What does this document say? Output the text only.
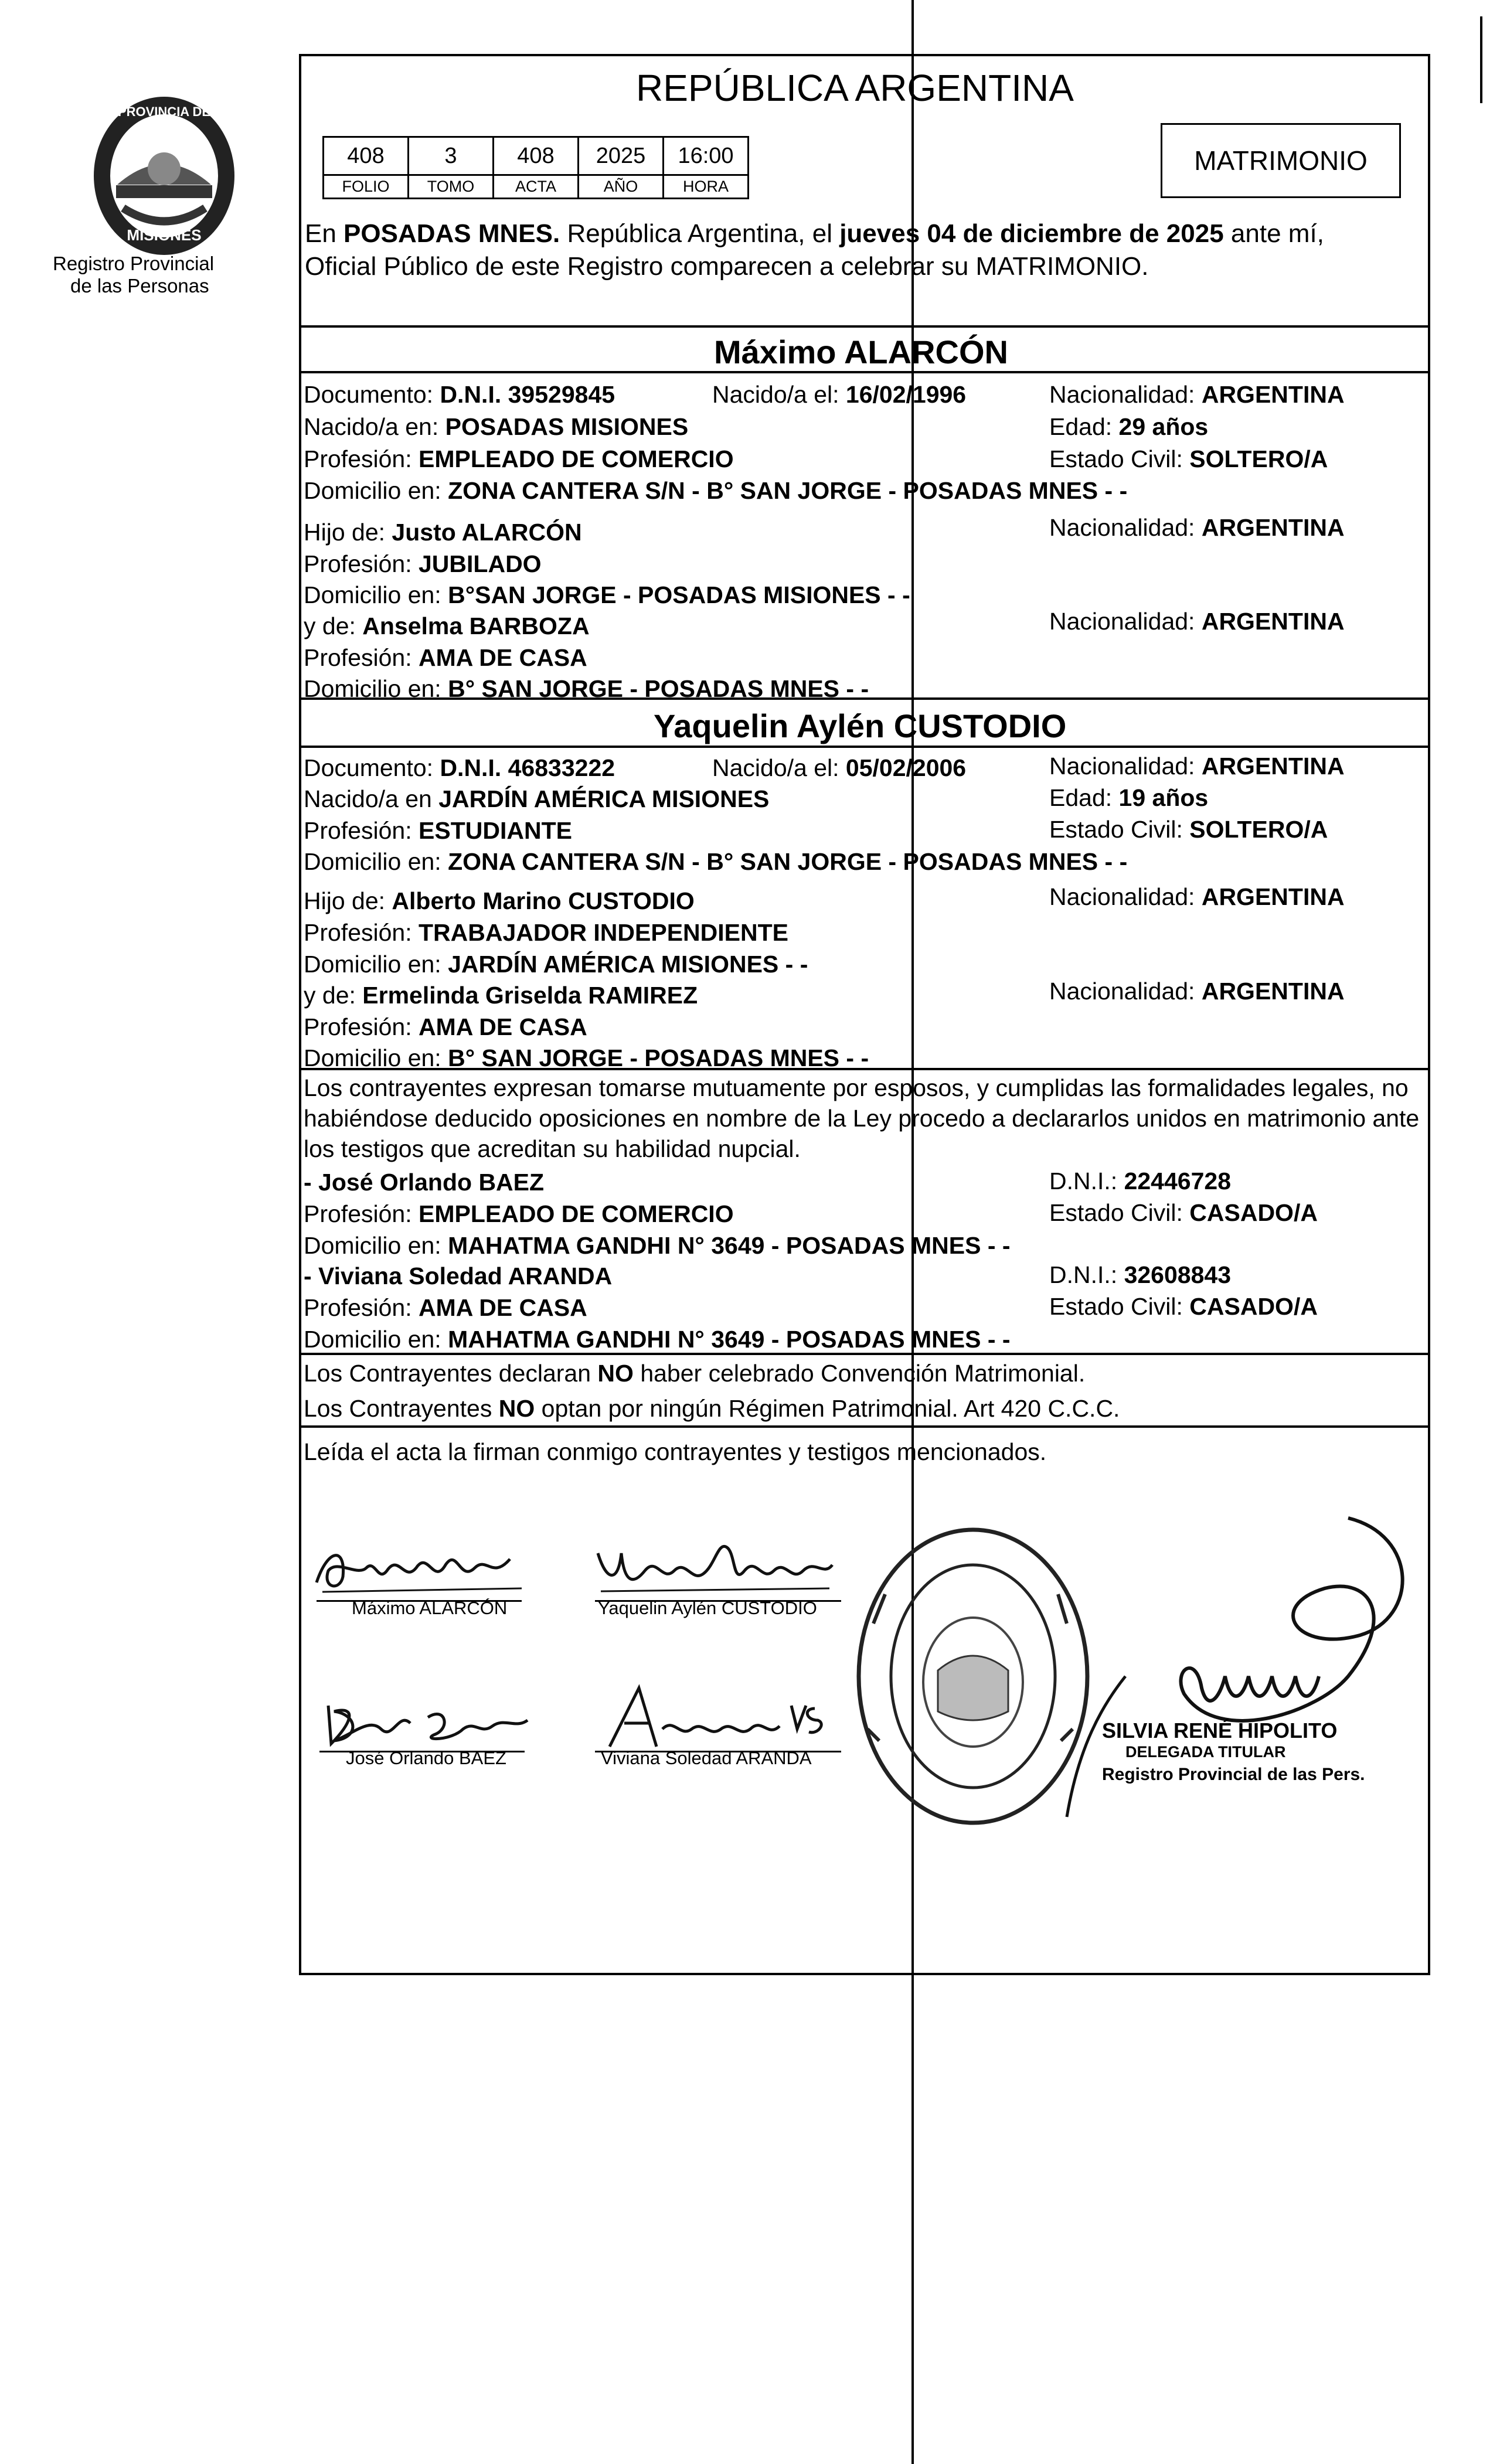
PROVINCIA DE
MISIONES
Registro Provincial
de las Personas
REPÚBLICA ARGENTINA
408	3	408	2025	16:00
FOLIO	TOMO	ACTA	AÑO	HORA
MATRIMONIO
En POSADAS MNES. República Argentina, el jueves 04 de diciembre de 2025 ante mí,
Oficial Público de este Registro comparecen a celebrar su MATRIMONIO.
Máximo ALARCÓN
Documento: D.N.I. 39529845	Nacido/a el: 16/02/1996	Nacionalidad: ARGENTINA
Nacido/a en: POSADAS MISIONES	Edad: 29 años
Profesión: EMPLEADO DE COMERCIO	Estado Civil: SOLTERO/A
Domicilio en: ZONA CANTERA S/N - B° SAN JORGE - POSADAS MNES - -
Hijo de: Justo ALARCÓN	Nacionalidad: ARGENTINA
Profesión: JUBILADO
Domicilio en: B°SAN JORGE - POSADAS MISIONES - -
y de: Anselma BARBOZA	Nacionalidad: ARGENTINA
Profesión: AMA DE CASA
Domicilio en: B° SAN JORGE - POSADAS MNES - -
Yaquelin Aylén CUSTODIO
Documento: D.N.I. 46833222	Nacido/a el: 05/02/2006	Nacionalidad: ARGENTINA
Nacido/a en JARDÍN AMÉRICA MISIONES	Edad: 19 años
Profesión: ESTUDIANTE	Estado Civil: SOLTERO/A
Domicilio en: ZONA CANTERA S/N - B° SAN JORGE - POSADAS MNES - -
Hijo de: Alberto Marino CUSTODIO	Nacionalidad: ARGENTINA
Profesión: TRABAJADOR INDEPENDIENTE
Domicilio en: JARDÍN AMÉRICA MISIONES - -
y de: Ermelinda Griselda RAMIREZ	Nacionalidad: ARGENTINA
Profesión: AMA DE CASA
Domicilio en: B° SAN JORGE - POSADAS MNES - -
Los contrayentes expresan tomarse mutuamente por esposos, y cumplidas las formalidades legales, no
habiéndose deducido oposiciones en nombre de la Ley procedo a declararlos unidos en matrimonio ante
los testigos que acreditan su habilidad nupcial.
- José Orlando BAEZ	D.N.I.: 22446728
Profesión: EMPLEADO DE COMERCIO	Estado Civil: CASADO/A
Domicilio en: MAHATMA GANDHI N° 3649 - POSADAS MNES - -
- Viviana Soledad ARANDA	D.N.I.: 32608843
Profesión: AMA DE CASA	Estado Civil: CASADO/A
Domicilio en: MAHATMA GANDHI N° 3649 - POSADAS MNES - -
Los Contrayentes declaran NO haber celebrado Convención Matrimonial.
Los Contrayentes NO optan por ningún Régimen Patrimonial. Art 420 C.C.C.
Leída el acta la firman conmigo contrayentes y testigos mencionados.
Máximo ALARCÓN	Yaquelin Aylén CUSTODIO
José Orlando BAEZ	Viviana Soledad ARANDA
SILVIA RENÉ HIPOLITO
DELEGADA TITULAR
Registro Provincial de las Pers.
